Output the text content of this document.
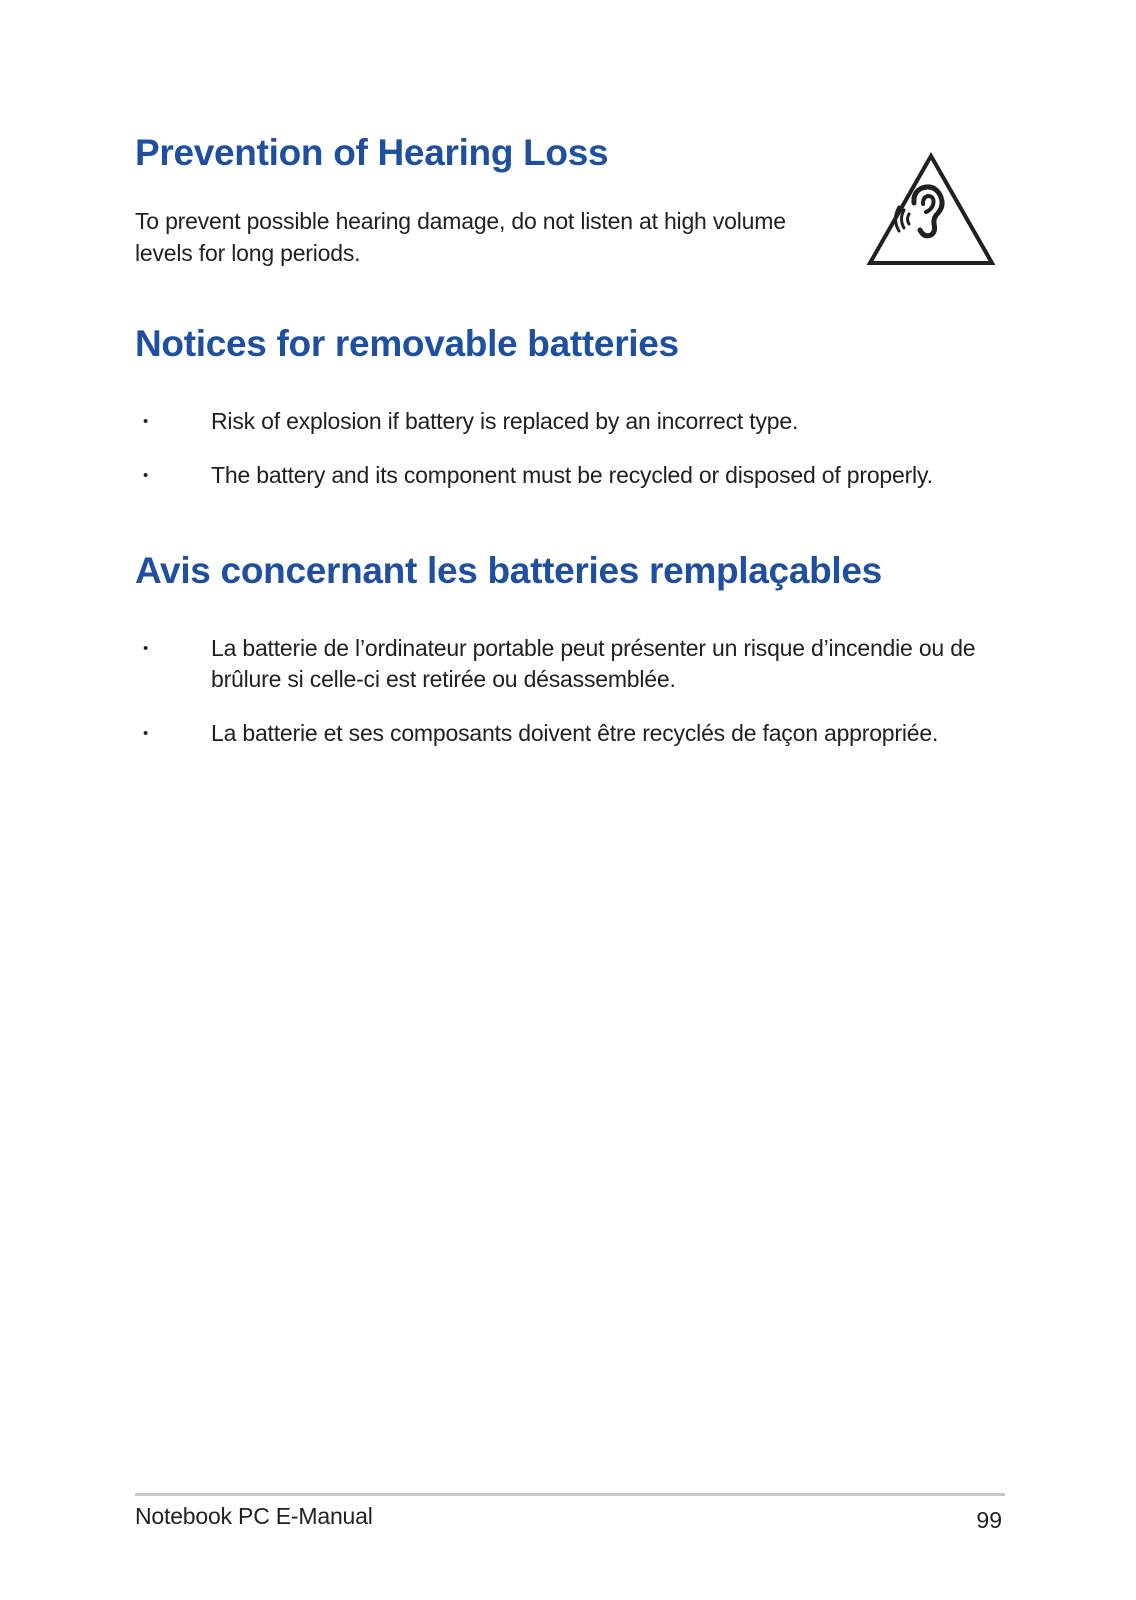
Prevention of Hearing Loss

To prevent possible hearing damage, do not listen at high volume levels for long periods.

Notices for removable batteries
•	Risk of explosion if battery is replaced by an incorrect type.
•	The battery and its component must be recycled or disposed of properly.
Avis concernant les batteries remplaçables
•	La batterie de l’ordinateur portable peut présenter un risque d’incendie ou de brûlure si celle-ci est retirée ou désassemblée.
•	La batterie et ses composants doivent être recyclés de façon appropriée.
Notebook PC E-Manual	99
